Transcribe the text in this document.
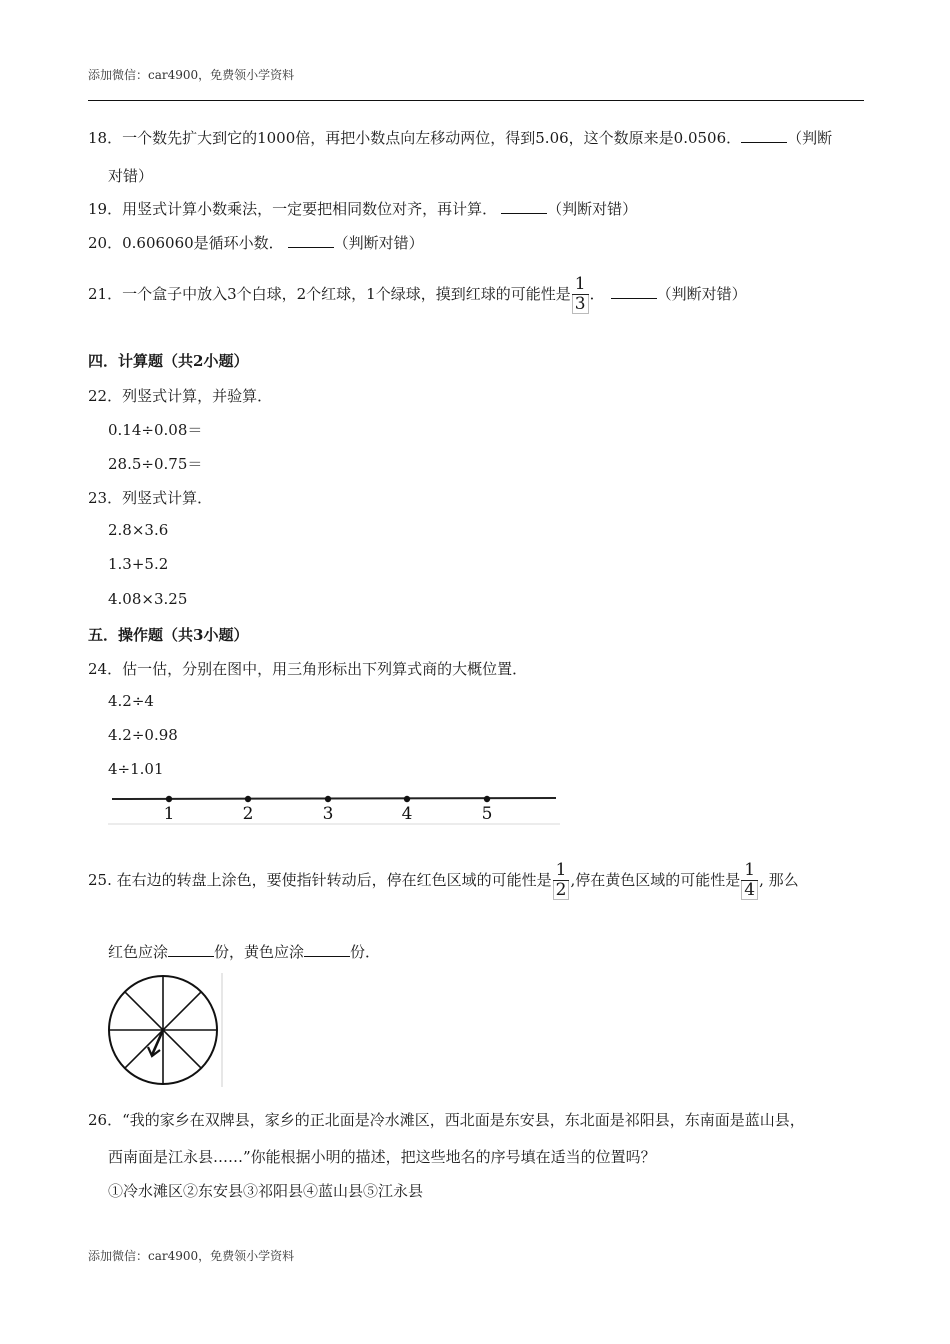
添加微信：car4900，免费领小学资料
18．一个数先扩大到它的1000倍，再把小数点向左移动两位，得到5.06，这个数原来是0.0506．	（判断
对错）
19．用竖式计算小数乘法，一定要把相同数位对齐，再计算．	（判断对错）
20．0.606060是循环小数．	（判断对错）
21．一个盒子中放入3个白球，2个红球，1个绿球，摸到红球的可能性是 $\frac{1}{3}$ ．	（判断对错）
四．计算题（共2小题）
22．列竖式计算，并验算．
0.14÷0.08＝
28.5÷0.75＝
23．列竖式计算．
2.8×3.6
1.3+5.2
4.08×3.25
五．操作题（共3小题）
24．估一估，分别在图中，用三角形标出下列算式商的大概位置．
4.2÷4
4.2÷0.98
4÷1.01
1	2	3	4	5
25. 在右边的转盘上涂色，要使指针转动后，停在红色区域的可能性是 $\frac{1}{2}$ ,停在黄色区域的可能性是 $\frac{1}{4}$ , 那么
红色应涂	份，黄色应涂	份．
26．“我的家乡在双牌县，家乡的正北面是冷水滩区，西北面是东安县，东北面是祁阳县，东南面是蓝山县，
西南面是江永县……”你能根据小明的描述，把这些地名的序号填在适当的位置吗？
①冷水滩区②东安县③祁阳县④蓝山县⑤江永县
添加微信：car4900，免费领小学资料
